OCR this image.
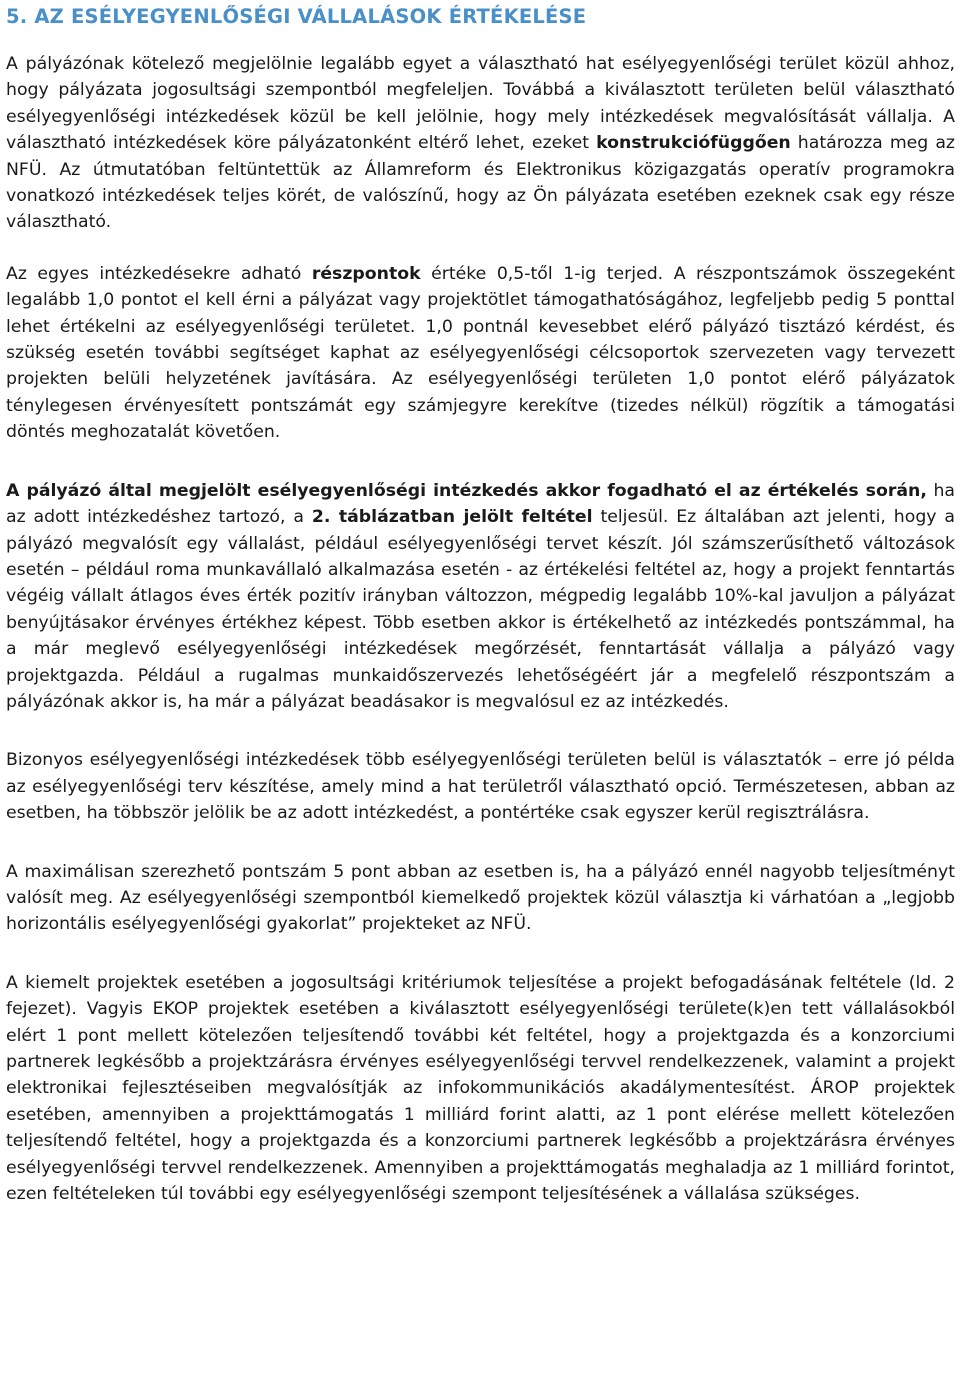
5. AZ ESÉLYEGYENLŐSÉGI VÁLLALÁSOK ÉRTÉKELÉSE

A pályázónak kötelező megjelölnie legalább egyet a választható hat esélyegyenlőségi terület közül ahhoz, hogy pályázata jogosultsági szempontból megfeleljen. Továbbá a kiválasztott területen belül választható esélyegyenlőségi intézkedések közül be kell jelölnie, hogy mely intézkedések megvalósítását vállalja. A választható intézkedések köre pályázatonként eltérő lehet, ezeket konstrukciófüggően határozza meg az NFÜ. Az útmutatóban feltüntettük az Államreform és Elektronikus közigazgatás operatív programokra vonatkozó intézkedések teljes körét, de valószínű, hogy az Ön pályázata esetében ezeknek csak egy része választható.

Az egyes intézkedésekre adható részpontok értéke 0,5-től 1-ig terjed. A részpontszámok összegeként legalább 1,0 pontot el kell érni a pályázat vagy projektötlet támogathatóságához, legfeljebb pedig 5 ponttal lehet értékelni az esélyegyenlőségi területet. 1,0 pontnál kevesebbet elérő pályázó tisztázó kérdést, és szükség esetén további segítséget kaphat az esélyegyenlőségi célcsoportok szervezeten vagy tervezett projekten belüli helyzetének javítására. Az esélyegyenlőségi területen 1,0 pontot elérő pályázatok ténylegesen érvényesített pontszámát egy számjegyre kerekítve (tizedes nélkül) rögzítik a támogatási döntés meghozatalát követően.

A pályázó által megjelölt esélyegyenlőségi intézkedés akkor fogadható el az értékelés során, ha az adott intézkedéshez tartozó, a 2. táblázatban jelölt feltétel teljesül. Ez általában azt jelenti, hogy a pályázó megvalósít egy vállalást, például esélyegyenlőségi tervet készít. Jól számszerűsíthető változások esetén – például roma munkavállaló alkalmazása esetén - az értékelési feltétel az, hogy a projekt fenntartás végéig vállalt átlagos éves érték pozitív irányban változzon, mégpedig legalább 10%-kal javuljon a pályázat benyújtásakor érvényes értékhez képest. Több esetben akkor is értékelhető az intézkedés pontszámmal, ha a már meglevő esélyegyenlőségi intézkedések megőrzését, fenntartását vállalja a pályázó vagy projektgazda. Például a rugalmas munkaidőszervezés lehetőségéért jár a megfelelő részpontszám a pályázónak akkor is, ha már a pályázat beadásakor is megvalósul ez az intézkedés.

Bizonyos esélyegyenlőségi intézkedések több esélyegyenlőségi területen belül is választatók – erre jó példa az esélyegyenlőségi terv készítése, amely mind a hat területről választható opció. Természetesen, abban az esetben, ha többször jelölik be az adott intézkedést, a pontértéke csak egyszer kerül regisztrálásra.

A maximálisan szerezhető pontszám 5 pont abban az esetben is, ha a pályázó ennél nagyobb teljesítményt valósít meg. Az esélyegyenlőségi szempontból kiemelkedő projektek közül választja ki várhatóan a „legjobb horizontális esélyegyenlőségi gyakorlat” projekteket az NFÜ.

A kiemelt projektek esetében a jogosultsági kritériumok teljesítése a projekt befogadásának feltétele (ld. 2 fejezet). Vagyis EKOP projektek esetében a kiválasztott esélyegyenlőségi területe(k)en tett vállalásokból elért 1 pont mellett kötelezően teljesítendő további két feltétel, hogy a projektgazda és a konzorciumi partnerek legkésőbb a projektzárásra érvényes esélyegyenlőségi tervvel rendelkezzenek, valamint a projekt elektronikai fejlesztéseiben megvalósítják az infokommunikációs akadálymentesítést. ÁROP projektek esetében, amennyiben a projekttámogatás 1 milliárd forint alatti, az 1 pont elérése mellett kötelezően teljesítendő feltétel, hogy a projektgazda és a konzorciumi partnerek legkésőbb a projektzárásra érvényes esélyegyenlőségi tervvel rendelkezzenek. Amennyiben a projekttámogatás meghaladja az 1 milliárd forintot, ezen feltételeken túl további egy esélyegyenlőségi szempont teljesítésének a vállalása szükséges.
